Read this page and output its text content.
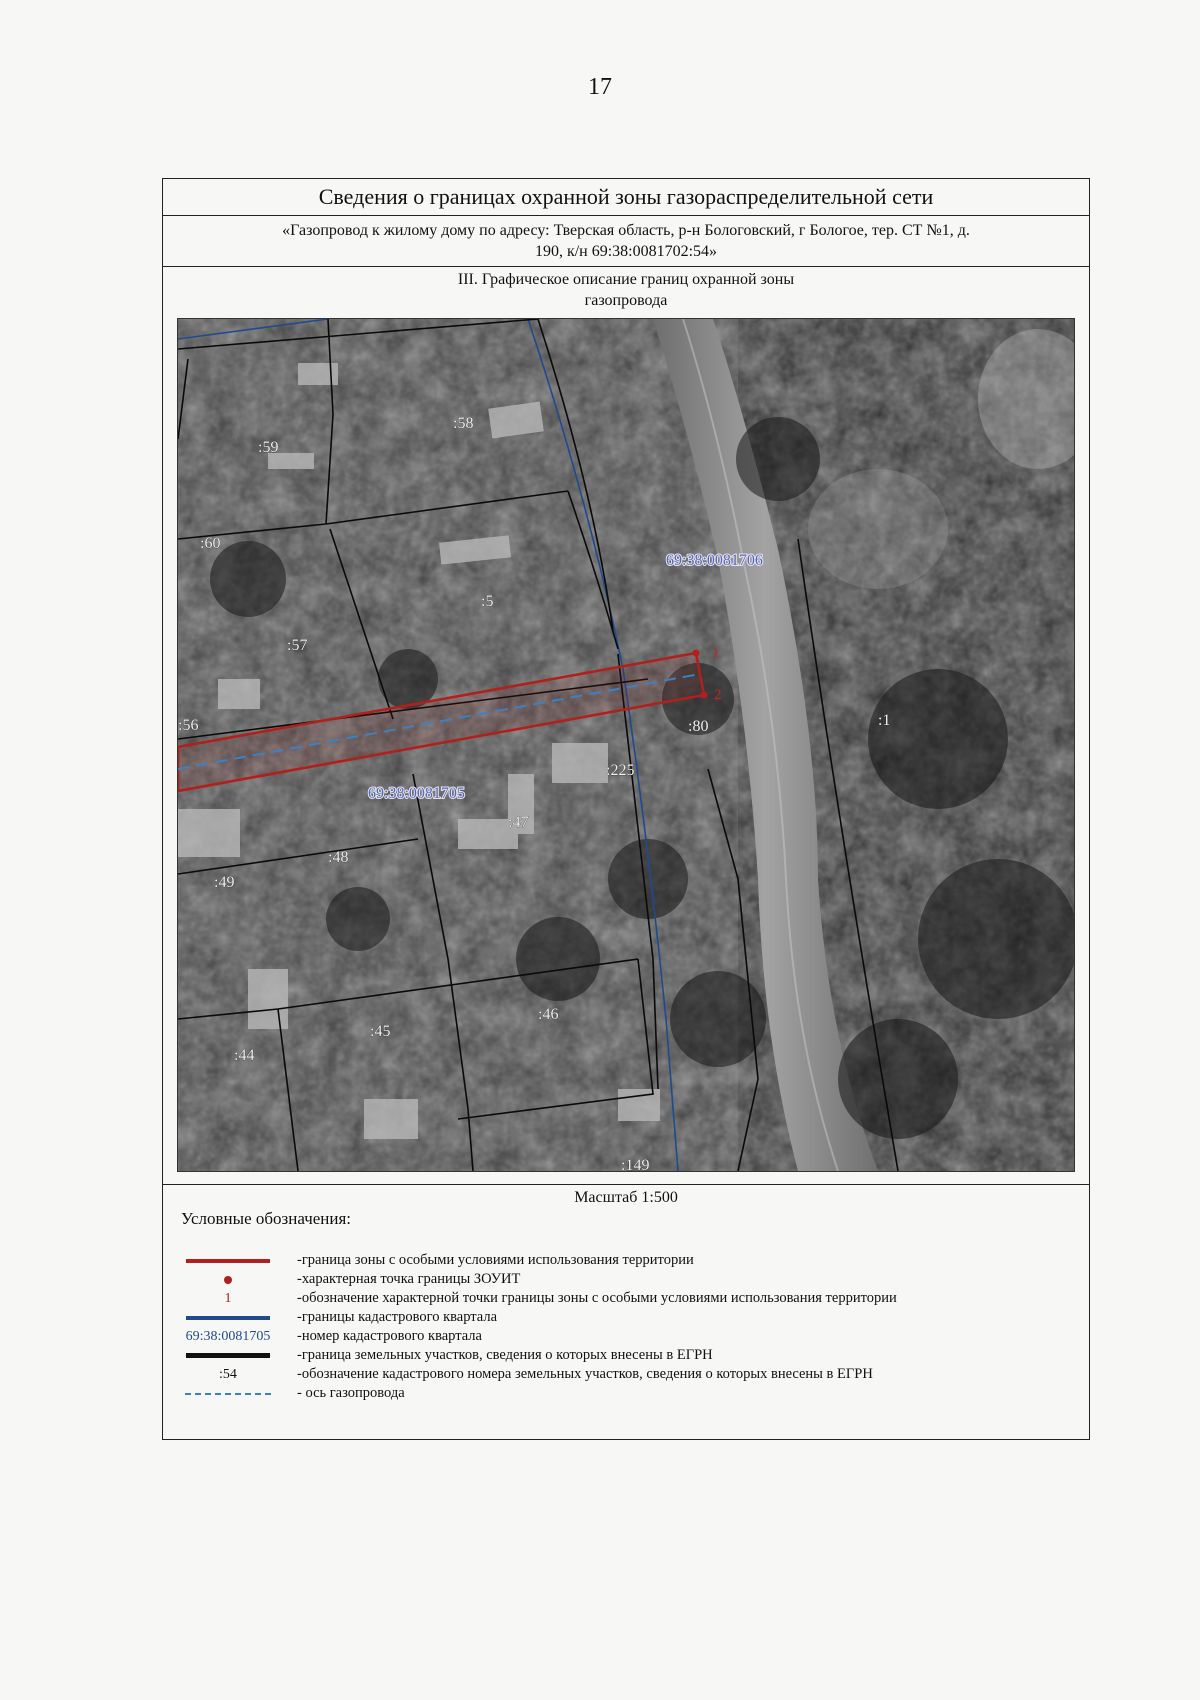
17
Сведения о границах охранной зоны газораспределительной сети
«Газопровод к жилому дому по адресу: Тверская область, р-н Бологовский, г Бологое, тер. СТ №1, д.
190, к/н 69:38:0081702:54»
III. Графическое описание границ охранной зоны
газопровода
1
2
69:38:0081706
69:38:0081705
:59
:58
:60
:57
:5
:56	:80	:1
:225
:47
:48
:49
:46
:45
:44
:149
Масштаб 1:500
Условные обозначения:
-граница зоны с особыми условиями использования территории
-характерная точка границы ЗОУИТ
1	-обозначение характерной точки границы зоны с особыми условиями использования территории
-границы кадастрового квартала
69:38:0081705 -номер кадастрового квартала
-граница земельных участков, сведения о которых внесены в ЕГРН
:54	-обозначение кадастрового номера земельных участков, сведения о которых внесены в ЕГРН
- ось газопровода
